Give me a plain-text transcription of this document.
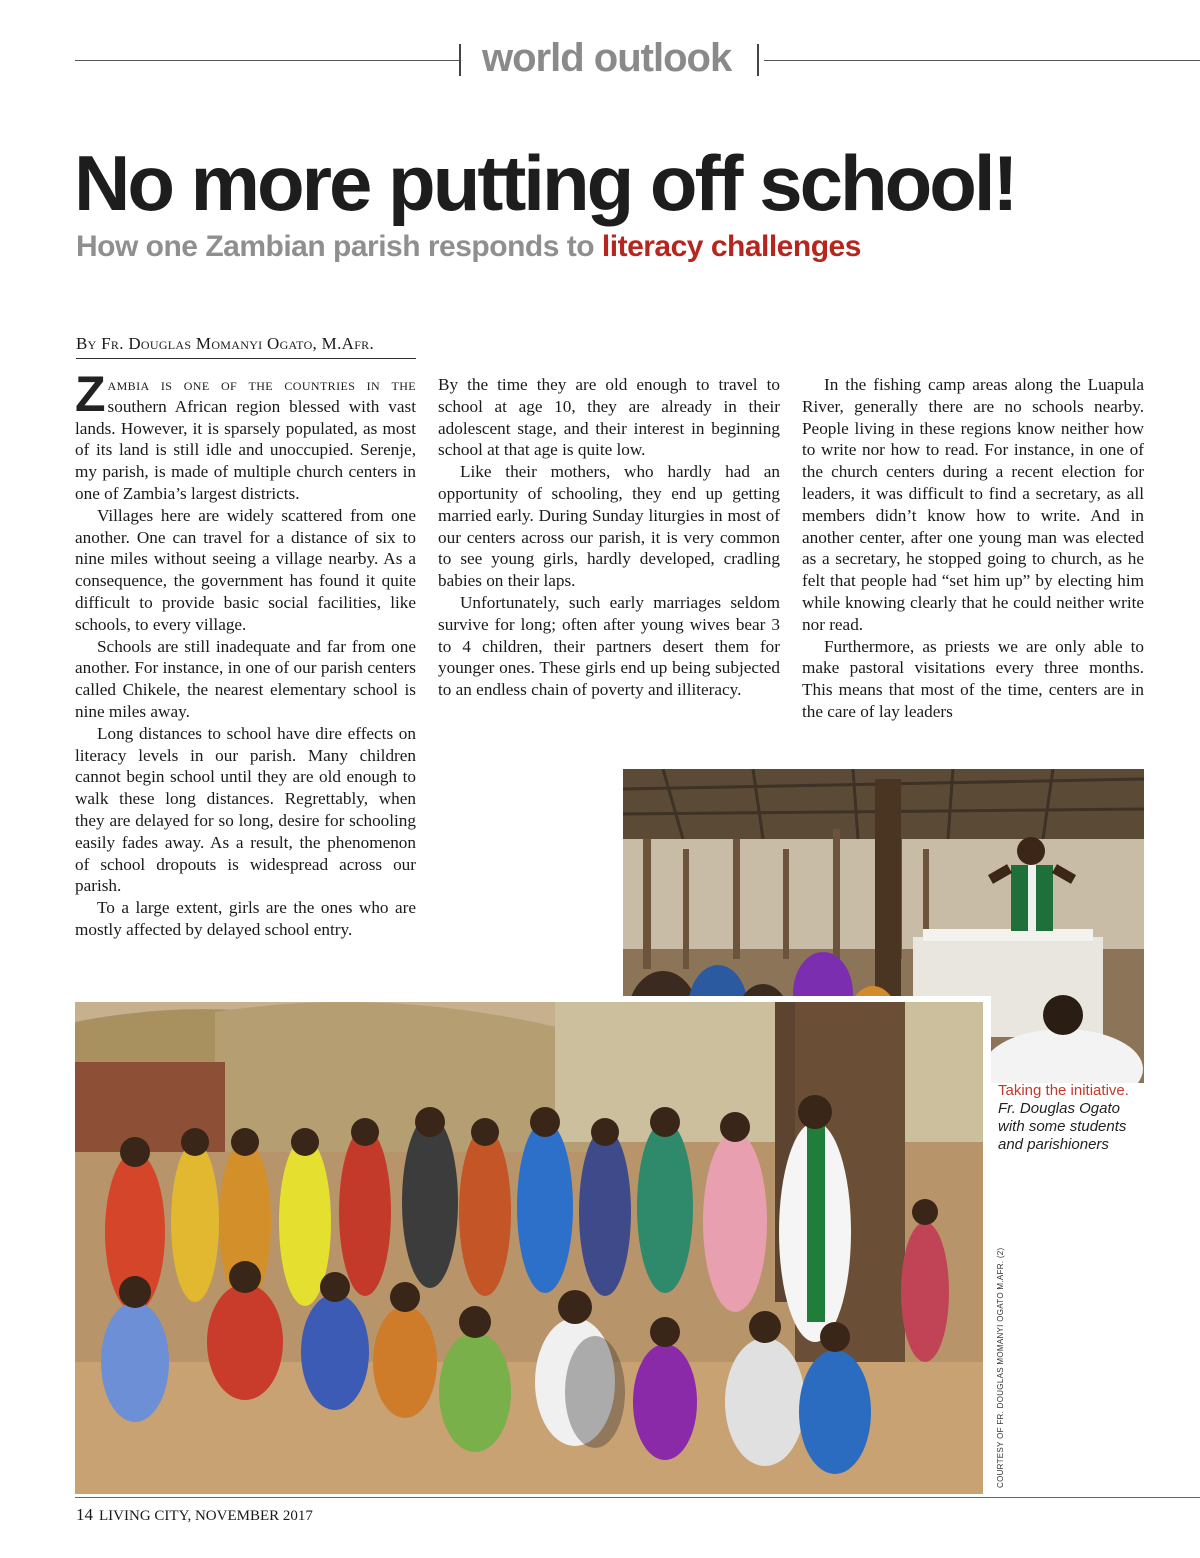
world outlook
No more putting off school!
How one Zambian parish responds to literacy challenges
By Fr. Douglas Momanyi Ogato, M.Afr.

Zambia is one of the countries in the southern African region blessed with vast lands. However, it is sparsely populated, as most of its land is still idle and unoccupied. Serenje, my parish, is made of multiple church centers in one of Zambia’s largest districts.

Villages here are widely scattered from one another. One can travel for a distance of six to nine miles without seeing a village nearby. As a consequence, the government has found it quite difficult to provide basic social facilities, like schools, to every village.

Schools are still inadequate and far from one another. For instance, in one of our parish centers called Chikele, the nearest elementary school is nine miles away.

Long distances to school have dire effects on literacy levels in our parish. Many children cannot begin school until they are old enough to walk these long distances. Regrettably, when they are delayed for so long, desire for schooling easily fades away. As a result, the phenomenon of school dropouts is widespread across our parish.

To a large extent, girls are the ones who are mostly affected by delayed school entry.

By the time they are old enough to travel to school at age 10, they are already in their adolescent stage, and their interest in beginning school at that age is quite low.

Like their mothers, who hardly had an opportunity of schooling, they end up getting married early. During Sunday liturgies in most of our centers across our parish, it is very common to see young girls, hardly developed, cradling babies on their laps.

Unfortunately, such early marriages seldom survive for long; often after young wives bear 3 to 4 children, their partners desert them for younger ones. These girls end up being subjected to an endless chain of poverty and illiteracy.

In the fishing camp areas along the Luapula River, generally there are no schools nearby. People living in these regions know neither how to write nor how to read. For instance, in one of the church centers during a recent election for leaders, it was difficult to find a secretary, as all members didn’t know how to write. And in another center, after one young man was elected as a secretary, he stopped going to church, as he felt that people had “set him up” by electing him while knowing clearly that he could neither write nor read.

Furthermore, as priests we are only able to make pastoral visitations every three months. This means that most of the time, centers are in the care of lay leaders

Taking the initiative.
Fr. Douglas Ogato with some students and parishioners
COURTESY OF FR. DOUGLAS MOMANYI OGATO M.AFR. (2)
14 LIVING CITY, NOVEMBER 2017
